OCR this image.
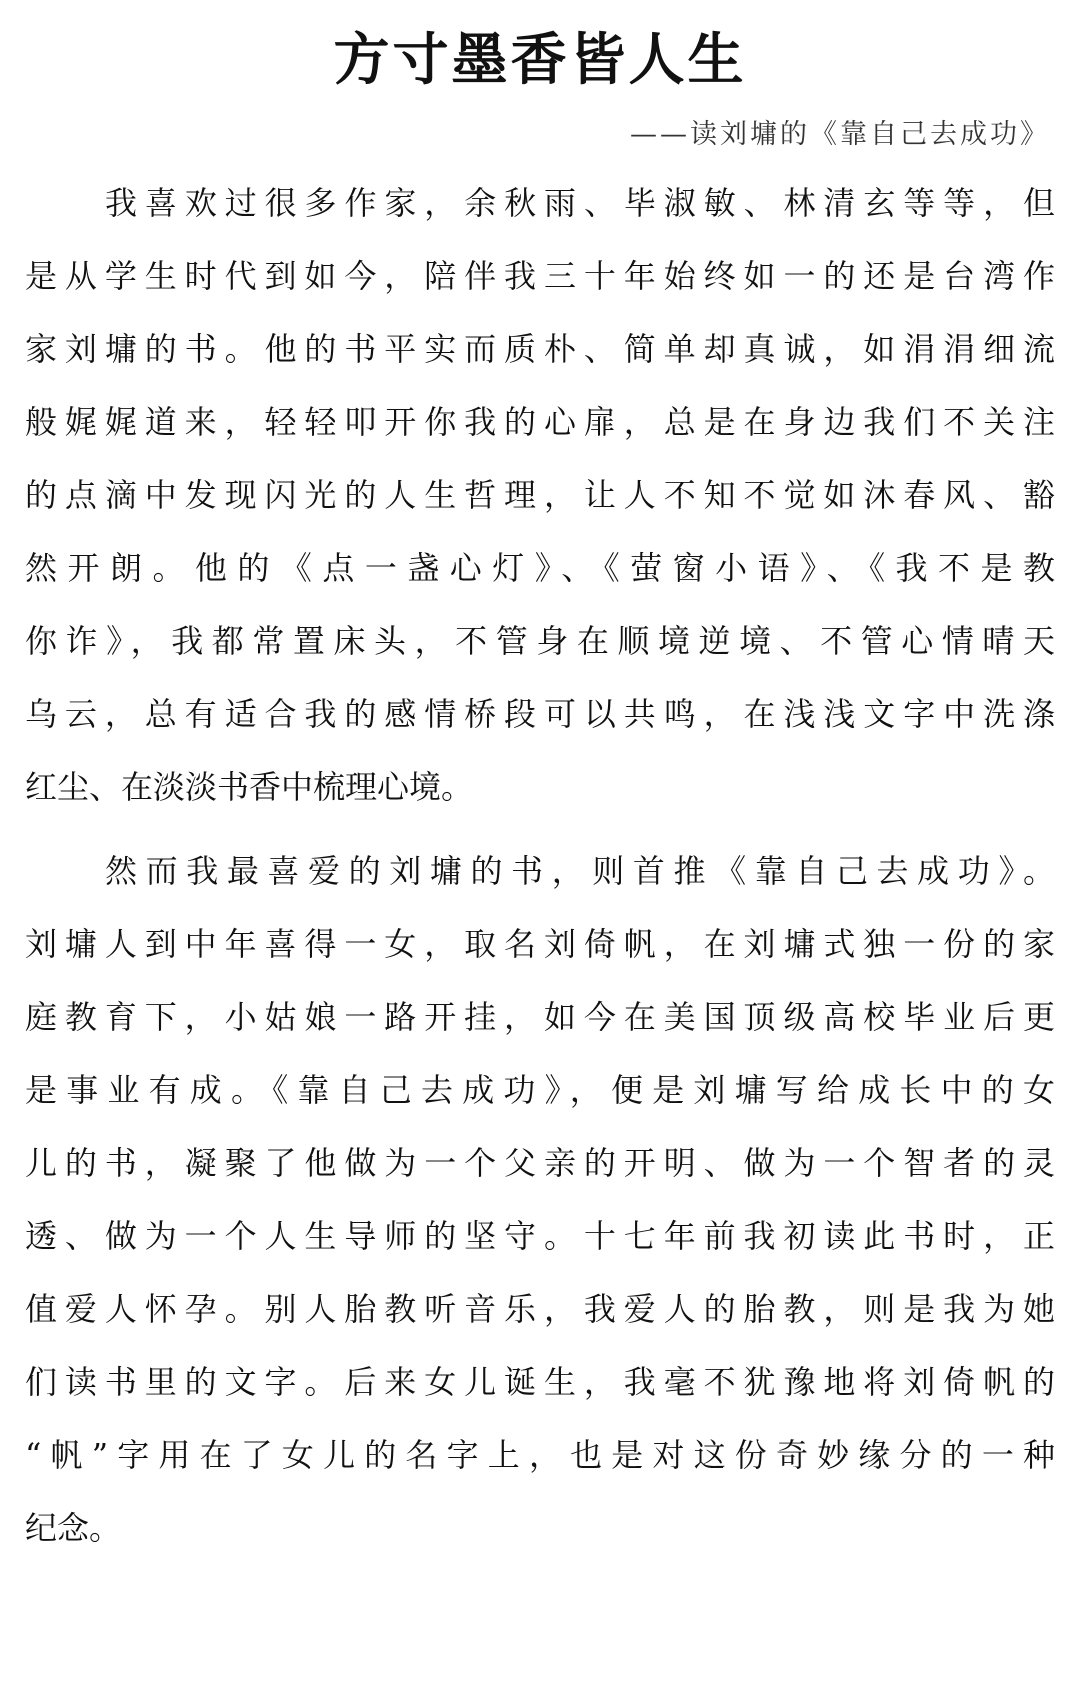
方寸墨香皆人生

——读刘墉的《靠自己去成功》

我喜欢过很多作家，余秋雨、毕淑敏、林清玄等等，但

是从学生时代到如今，陪伴我三十年始终如一的还是台湾作

家刘墉的书。他的书平实而质朴、简单却真诚，如涓涓细流

般娓娓道来，轻轻叩开你我的心扉，总是在身边我们不关注

的点滴中发现闪光的人生哲理，让人不知不觉如沐春风、豁

然开朗。他的《点一盏心灯》、《萤窗小语》、《我不是教

你诈》，我都常置床头，不管身在顺境逆境、不管心情晴天

乌云，总有适合我的感情桥段可以共鸣，在浅浅文字中洗涤

红尘、在淡淡书香中梳理心境。

然而我最喜爱的刘墉的书，则首推《靠自己去成功》。

刘墉人到中年喜得一女，取名刘倚帆，在刘墉式独一份的家

庭教育下，小姑娘一路开挂，如今在美国顶级高校毕业后更

是事业有成。《靠自己去成功》，便是刘墉写给成长中的女

儿的书，凝聚了他做为一个父亲的开明、做为一个智者的灵

透、做为一个人生导师的坚守。十七年前我初读此书时，正

值爱人怀孕。别人胎教听音乐，我爱人的胎教，则是我为她

们读书里的文字。后来女儿诞生，我毫不犹豫地将刘倚帆的

“帆”字用在了女儿的名字上，也是对这份奇妙缘分的一种

纪念。
